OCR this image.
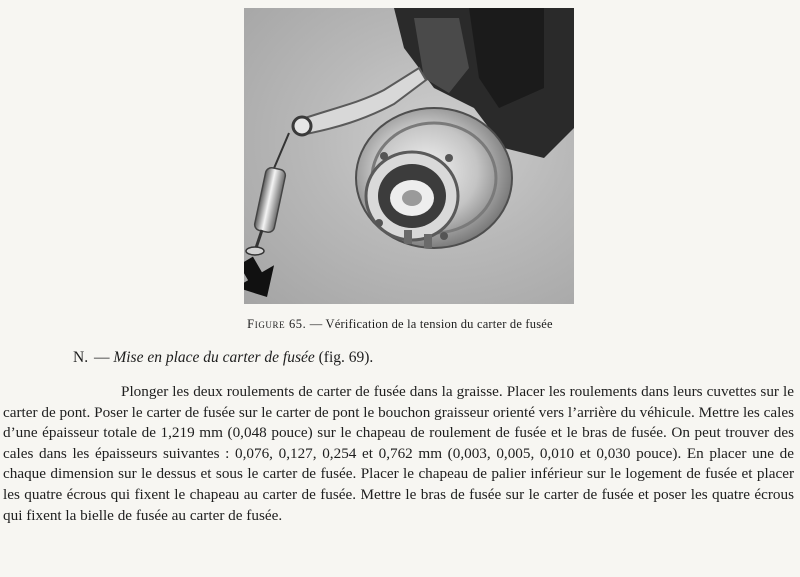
Figure 65. — Vérification de la tension du carter de fusée
N. — Mise en place du carter de fusée (fig. 69).

Plonger les deux roulements de carter de fusée dans la graisse. Placer les roulements dans leurs cuvettes sur le carter de pont. Poser le carter de fusée sur le carter de pont le bouchon graisseur orienté vers l’arrière du véhicule. Mettre les cales d’une épaisseur totale de 1,219 mm (0,048 pouce) sur le chapeau de roulement de fusée et le bras de fusée. On peut trouver des cales dans les épaisseurs suivantes : 0,076, 0,127, 0,254 et 0,762 mm (0,003, 0,005, 0,010 et 0,030 pouce). En placer une de chaque dimension sur le dessus et sous le carter de fusée. Placer le chapeau de palier inférieur sur le logement de fusée et placer les quatre écrous qui fixent le chapeau au carter de fusée. Mettre le bras de fusée sur le carter de fusée et poser les quatre écrous qui fixent la bielle de fusée au carter de fusée.
